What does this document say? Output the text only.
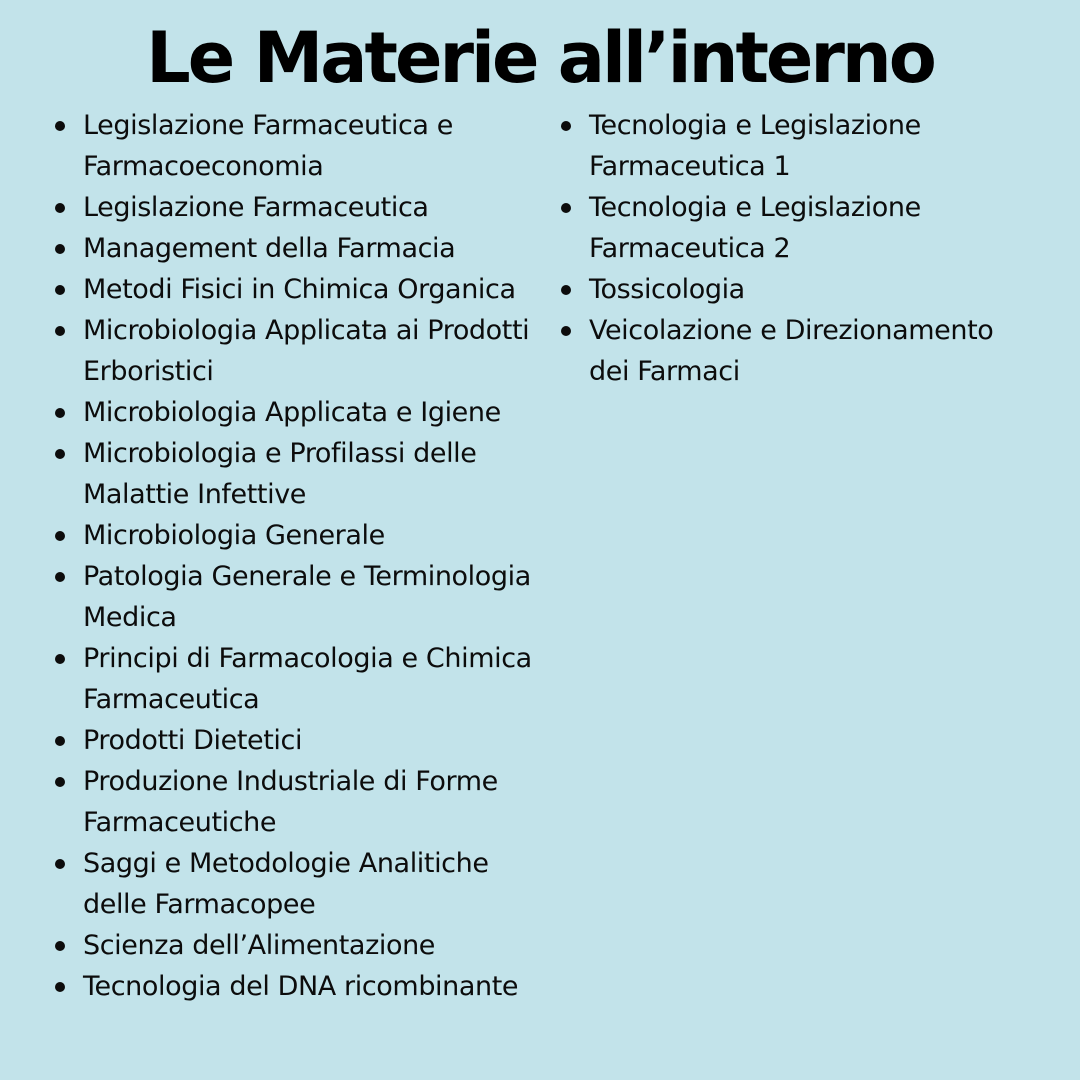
Le Materie all’interno
Legislazione Farmaceutica e Farmacoeconomia
Legislazione Farmaceutica
Management della Farmacia
Metodi Fisici in Chimica Organica
Microbiologia Applicata ai Prodotti Erboristici
Microbiologia Applicata e Igiene
Microbiologia e Profilassi delle Malattie Infettive
Microbiologia Generale
Patologia Generale e Terminologia Medica
Principi di Farmacologia e Chimica Farmaceutica
Prodotti Dietetici
Produzione Industriale di Forme Farmaceutiche
Saggi e Metodologie Analitiche delle Farmacopee
Scienza dell’Alimentazione
Tecnologia del DNA ricombinante
Tecnologia e Legislazione Farmaceutica 1
Tecnologia e Legislazione Farmaceutica 2
Tossicologia
Veicolazione e Direzionamento dei Farmaci
